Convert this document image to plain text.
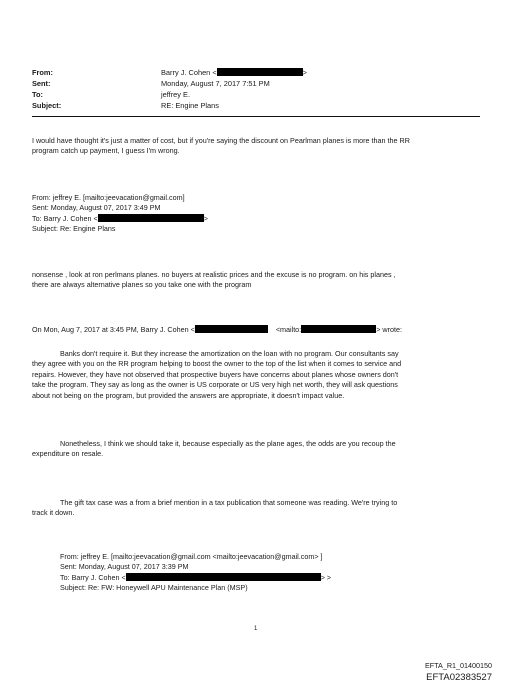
From:	Barry J. Cohen <	>
Sent:	Monday, August 7, 2017 7:51 PM
To:	jeffrey E.
Subject:	RE: Engine Plans
I would have thought it's just a matter of cost, but if you're saying the discount on Pearlman planes is more than the RR
program catch up payment, I guess I'm wrong.
From: jeffrey E. [mailto:jeevacation@gmail.com]
Sent: Monday, August 07, 2017 3:49 PM
To: Barry J. Cohen <	>
Subject: Re: Engine Plans
nonsense , look at ron perlmans planes. no buyers at realistic prices and the excuse is no program. on his planes ,
there are always alternative planes so you take one with the program
On Mon, Aug 7, 2017 at 3:45 PM, Barry J. Cohen <	<mailto:	> wrote:
Banks don't require it. But they increase the amortization on the loan with no program. Our consultants say
they agree with you on the RR program helping to boost the owner to the top of the list when it comes to service and
repairs. However, they have not observed that prospective buyers have concerns about planes whose owners don't
take the program. They say as long as the owner is US corporate or US very high net worth, they will ask questions
about not being on the program, but provided the answers are appropriate, it doesn't impact value.
Nonetheless, I think we should take it, because especially as the plane ages, the odds are you recoup the
expenditure on resale.
The gift tax case was a from a brief mention in a tax publication that someone was reading. We're trying to
track it down.
From: jeffrey E. [mailto:jeevacation@gmail.com <mailto:jeevacation@gmail.com> ]
Sent: Monday, August 07, 2017 3:39 PM
To: Barry J. Cohen <	> >
Subject: Re: FW: Honeywell APU Maintenance Plan (MSP)
1
EFTA_R1_01400150
EFTA02383527
